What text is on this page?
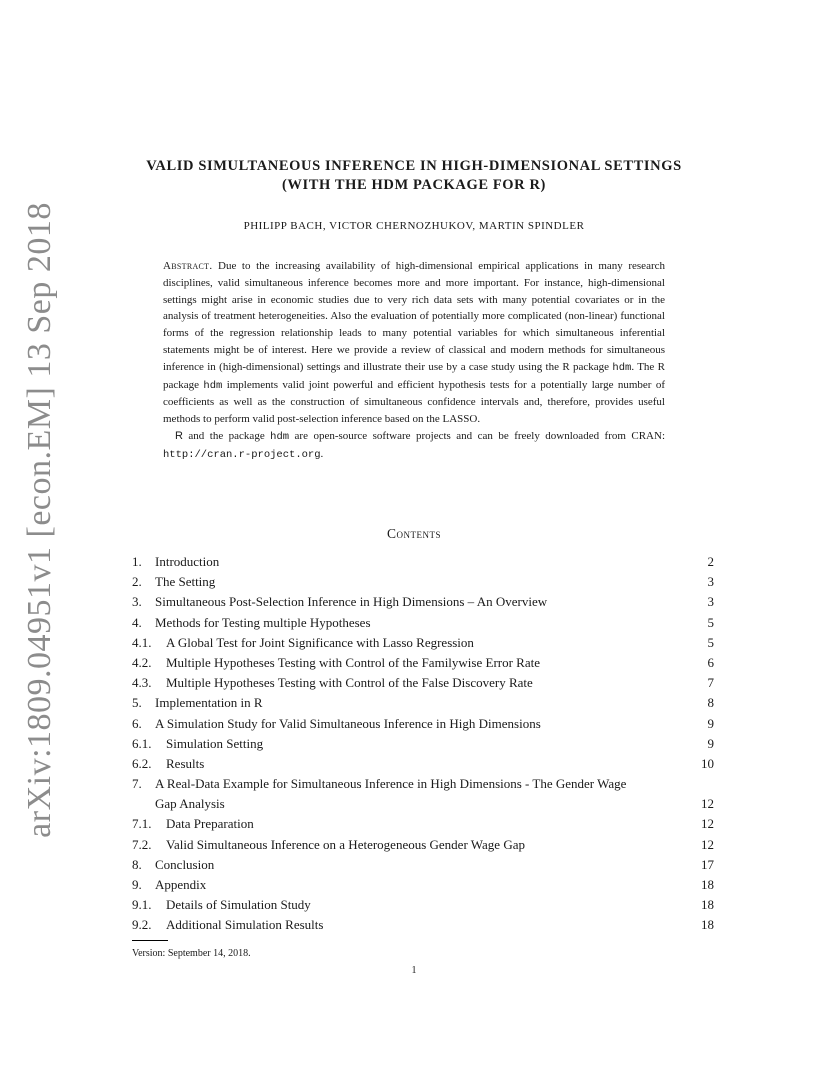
arXiv:1809.04951v1 [econ.EM] 13 Sep 2018
VALID SIMULTANEOUS INFERENCE IN HIGH-DIMENSIONAL SETTINGS
(WITH THE HDM PACKAGE FOR R)
PHILIPP BACH, VICTOR CHERNOZHUKOV, MARTIN SPINDLER

Abstract. Due to the increasing availability of high-dimensional empirical applications in many research disciplines, valid simultaneous inference becomes more and more important. For instance, high-dimensional settings might arise in economic studies due to very rich data sets with many potential covariates or in the analysis of treatment heterogeneities. Also the evaluation of potentially more complicated (non-linear) functional forms of the regression relationship leads to many potential variables for which simultaneous inferential statements might be of interest. Here we provide a review of classical and modern methods for simultaneous inference in (high-dimensional) settings and illustrate their use by a case study using the R package hdm. The R package hdm implements valid joint powerful and efficient hypothesis tests for a potentially large number of coefficients as well as the construction of simultaneous confidence intervals and, therefore, provides useful methods to perform valid post-selection inference based on the LASSO.

R and the package hdm are open-source software projects and can be freely downloaded from CRAN: http://cran.r-project.org.

Contents
1.	Introduction	2
2.	The Setting	3
3.	Simultaneous Post-Selection Inference in High Dimensions – An Overview	3
4.	Methods for Testing multiple Hypotheses	5
4.1.	A Global Test for Joint Significance with Lasso Regression	5
4.2.	Multiple Hypotheses Testing with Control of the Familywise Error Rate	6
4.3.	Multiple Hypotheses Testing with Control of the False Discovery Rate	7
5.	Implementation in R	8
6.	A Simulation Study for Valid Simultaneous Inference in High Dimensions	9
6.1.	Simulation Setting	9
6.2.	Results	10
7.	A Real-Data Example for Simultaneous Inference in High Dimensions - The Gender Wage
Gap Analysis	12
7.1.	Data Preparation	12
7.2.	Valid Simultaneous Inference on a Heterogeneous Gender Wage Gap	12
8.	Conclusion	17
9.	Appendix	18
9.1.	Details of Simulation Study	18
9.2.	Additional Simulation Results	18
Version: September 14, 2018.
1
